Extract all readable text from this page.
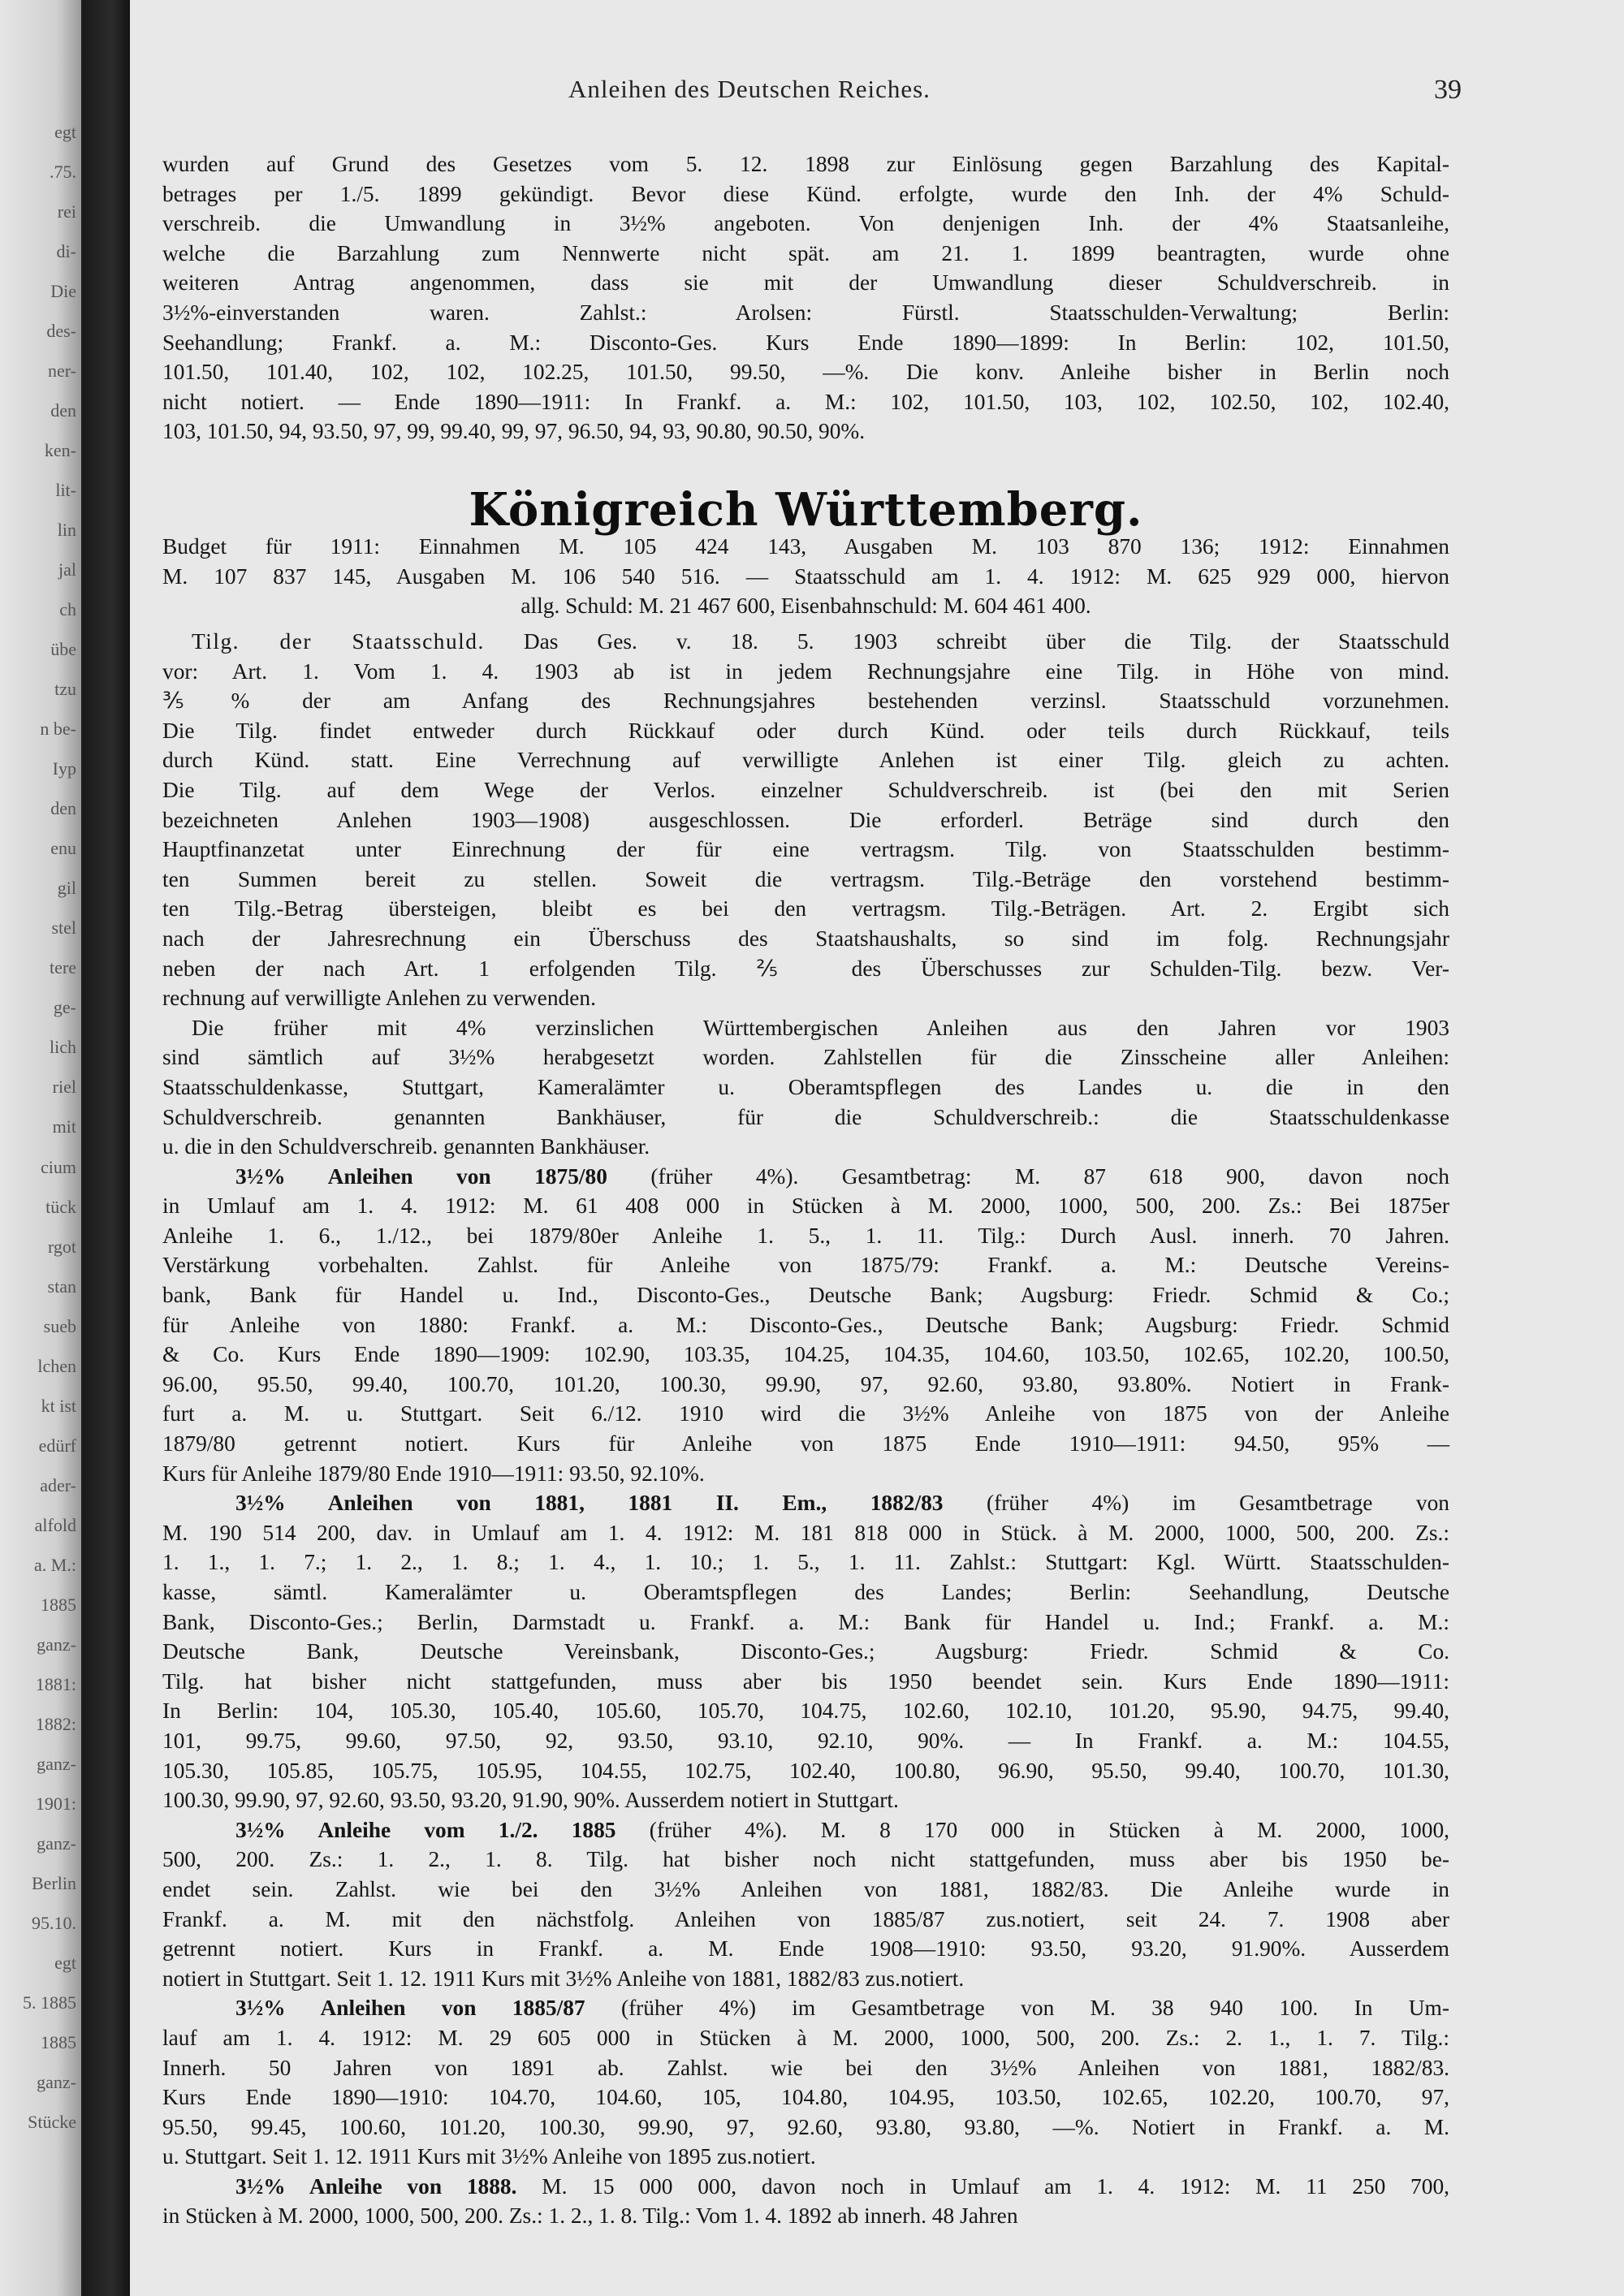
egt
.75.
rei
di-
Die
des-
ner-
den
ken-
lit-
lin
jal
ch
übe
tzu
n be-
Iyp
den
enu
gil
stel
tere
ge-
lich
riel
mit
cium
tück
rgot
stan
sueb
lchen
kt ist
edürf
ader-
alfold
a. M.:
1885
ganz-
1881:
1882:
ganz-
1901:
ganz-
Berlin
95.10.
egt
5. 1885
1885
ganz-
Stücke
Anleihen des Deutschen Reiches.	39
wurden auf Grund des Gesetzes vom 5. 12. 1898 zur Einlösung gegen Barzahlung des Kapital-
betrages per 1./5. 1899 gekündigt. Bevor diese Künd. erfolgte, wurde den Inh. der 4% Schuld-
verschreib. die Umwandlung in 3½% angeboten. Von denjenigen Inh. der 4% Staatsanleihe,
welche die Barzahlung zum Nennwerte nicht spät. am 21. 1. 1899 beantragten, wurde ohne
weiteren Antrag angenommen, dass sie mit der Umwandlung dieser Schuldverschreib. in
3½%-einverstanden waren. Zahlst.: Arolsen: Fürstl. Staatsschulden-Verwaltung; Berlin:
Seehandlung; Frankf. a. M.: Disconto-Ges. Kurs Ende 1890—1899: In Berlin: 102, 101.50,
101.50, 101.40, 102, 102, 102.25, 101.50, 99.50, —%. Die konv. Anleihe bisher in Berlin noch
nicht notiert. — Ende 1890—1911: In Frankf. a. M.: 102, 101.50, 103, 102, 102.50, 102, 102.40,
103, 101.50, 94, 93.50, 97, 99, 99.40, 99, 97, 96.50, 94, 93, 90.80, 90.50, 90%.
Königreich Württemberg.
Budget für 1911: Einnahmen M. 105 424 143, Ausgaben M. 103 870 136; 1912: Einnahmen
M. 107 837 145, Ausgaben M. 106 540 516. — Staatsschuld am 1. 4. 1912: M. 625 929 000, hiervon
allg. Schuld: M. 21 467 600, Eisenbahnschuld: M. 604 461 400.
Tilg. der Staatsschuld. Das Ges. v. 18. 5. 1903 schreibt über die Tilg. der Staatsschuld
vor: Art. 1. Vom 1. 4. 1903 ab ist in jedem Rechnungsjahre eine Tilg. in Höhe von mind.
⅗% der am Anfang des Rechnungsjahres bestehenden verzinsl. Staatsschuld vorzunehmen.
Die Tilg. findet entweder durch Rückkauf oder durch Künd. oder teils durch Rückkauf, teils
durch Künd. statt. Eine Verrechnung auf verwilligte Anlehen ist einer Tilg. gleich zu achten.
Die Tilg. auf dem Wege der Verlos. einzelner Schuldverschreib. ist (bei den mit Serien
bezeichneten Anlehen 1903—1908) ausgeschlossen. Die erforderl. Beträge sind durch den
Hauptfinanzetat unter Einrechnung der für eine vertragsm. Tilg. von Staatsschulden bestimm-
ten Summen bereit zu stellen. Soweit die vertragsm. Tilg.-Beträge den vorstehend bestimm-
ten Tilg.-Betrag übersteigen, bleibt es bei den vertragsm. Tilg.-Beträgen. Art. 2. Ergibt sich
nach der Jahresrechnung ein Überschuss des Staatshaushalts, so sind im folg. Rechnungsjahr
neben der nach Art. 1 erfolgenden Tilg. ⅖ des Überschusses zur Schulden-Tilg. bezw. Ver-
rechnung auf verwilligte Anlehen zu verwenden.
Die früher mit 4% verzinslichen Württembergischen Anleihen aus den Jahren vor 1903
sind sämtlich auf 3½% herabgesetzt worden. Zahlstellen für die Zinsscheine aller Anleihen:
Staatsschuldenkasse, Stuttgart, Kameralämter u. Oberamtspflegen des Landes u. die in den
Schuldverschreib. genannten Bankhäuser, für die Schuldverschreib.: die Staatsschuldenkasse
u. die in den Schuldverschreib. genannten Bankhäuser.
3½% Anleihen von 1875/80 (früher 4%). Gesamtbetrag: M. 87 618 900, davon noch
in Umlauf am 1. 4. 1912: M. 61 408 000 in Stücken à M. 2000, 1000, 500, 200. Zs.: Bei 1875er
Anleihe 1. 6., 1./12., bei 1879/80er Anleihe 1. 5., 1. 11. Tilg.: Durch Ausl. innerh. 70 Jahren.
Verstärkung vorbehalten. Zahlst. für Anleihe von 1875/79: Frankf. a. M.: Deutsche Vereins-
bank, Bank für Handel u. Ind., Disconto-Ges., Deutsche Bank; Augsburg: Friedr. Schmid & Co.;
für Anleihe von 1880: Frankf. a. M.: Disconto-Ges., Deutsche Bank; Augsburg: Friedr. Schmid
& Co. Kurs Ende 1890—1909: 102.90, 103.35, 104.25, 104.35, 104.60, 103.50, 102.65, 102.20, 100.50,
96.00, 95.50, 99.40, 100.70, 101.20, 100.30, 99.90, 97, 92.60, 93.80, 93.80%. Notiert in Frank-
furt a. M. u. Stuttgart. Seit 6./12. 1910 wird die 3½% Anleihe von 1875 von der Anleihe
1879/80 getrennt notiert. Kurs für Anleihe von 1875 Ende 1910—1911: 94.50, 95% —
Kurs für Anleihe 1879/80 Ende 1910—1911: 93.50, 92.10%.
3½% Anleihen von 1881, 1881 II. Em., 1882/83 (früher 4%) im Gesamtbetrage von
M. 190 514 200, dav. in Umlauf am 1. 4. 1912: M. 181 818 000 in Stück. à M. 2000, 1000, 500, 200. Zs.:
1. 1., 1. 7.; 1. 2., 1. 8.; 1. 4., 1. 10.; 1. 5., 1. 11. Zahlst.: Stuttgart: Kgl. Württ. Staatsschulden-
kasse, sämtl. Kameralämter u. Oberamtspflegen des Landes; Berlin: Seehandlung, Deutsche
Bank, Disconto-Ges.; Berlin, Darmstadt u. Frankf. a. M.: Bank für Handel u. Ind.; Frankf. a. M.:
Deutsche Bank, Deutsche Vereinsbank, Disconto-Ges.; Augsburg: Friedr. Schmid & Co.
Tilg. hat bisher nicht stattgefunden, muss aber bis 1950 beendet sein. Kurs Ende 1890—1911:
In Berlin: 104, 105.30, 105.40, 105.60, 105.70, 104.75, 102.60, 102.10, 101.20, 95.90, 94.75, 99.40,
101, 99.75, 99.60, 97.50, 92, 93.50, 93.10, 92.10, 90%. — In Frankf. a. M.: 104.55,
105.30, 105.85, 105.75, 105.95, 104.55, 102.75, 102.40, 100.80, 96.90, 95.50, 99.40, 100.70, 101.30,
100.30, 99.90, 97, 92.60, 93.50, 93.20, 91.90, 90%. Ausserdem notiert in Stuttgart.
3½% Anleihe vom 1./2. 1885 (früher 4%). M. 8 170 000 in Stücken à M. 2000, 1000,
500, 200. Zs.: 1. 2., 1. 8. Tilg. hat bisher noch nicht stattgefunden, muss aber bis 1950 be-
endet sein. Zahlst. wie bei den 3½% Anleihen von 1881, 1882/83. Die Anleihe wurde in
Frankf. a. M. mit den nächstfolg. Anleihen von 1885/87 zus.notiert, seit 24. 7. 1908 aber
getrennt notiert. Kurs in Frankf. a. M. Ende 1908—1910: 93.50, 93.20, 91.90%. Ausserdem
notiert in Stuttgart. Seit 1. 12. 1911 Kurs mit 3½% Anleihe von 1881, 1882/83 zus.notiert.
3½% Anleihen von 1885/87 (früher 4%) im Gesamtbetrage von M. 38 940 100. In Um-
lauf am 1. 4. 1912: M. 29 605 000 in Stücken à M. 2000, 1000, 500, 200. Zs.: 2. 1., 1. 7. Tilg.:
Innerh. 50 Jahren von 1891 ab. Zahlst. wie bei den 3½% Anleihen von 1881, 1882/83.
Kurs Ende 1890—1910: 104.70, 104.60, 105, 104.80, 104.95, 103.50, 102.65, 102.20, 100.70, 97,
95.50, 99.45, 100.60, 101.20, 100.30, 99.90, 97, 92.60, 93.80, 93.80, —%. Notiert in Frankf. a. M.
u. Stuttgart. Seit 1. 12. 1911 Kurs mit 3½% Anleihe von 1895 zus.notiert.
3½% Anleihe von 1888. M. 15 000 000, davon noch in Umlauf am 1. 4. 1912: M. 11 250 700,
in Stücken à M. 2000, 1000, 500, 200. Zs.: 1. 2., 1. 8. Tilg.: Vom 1. 4. 1892 ab innerh. 48 Jahren
